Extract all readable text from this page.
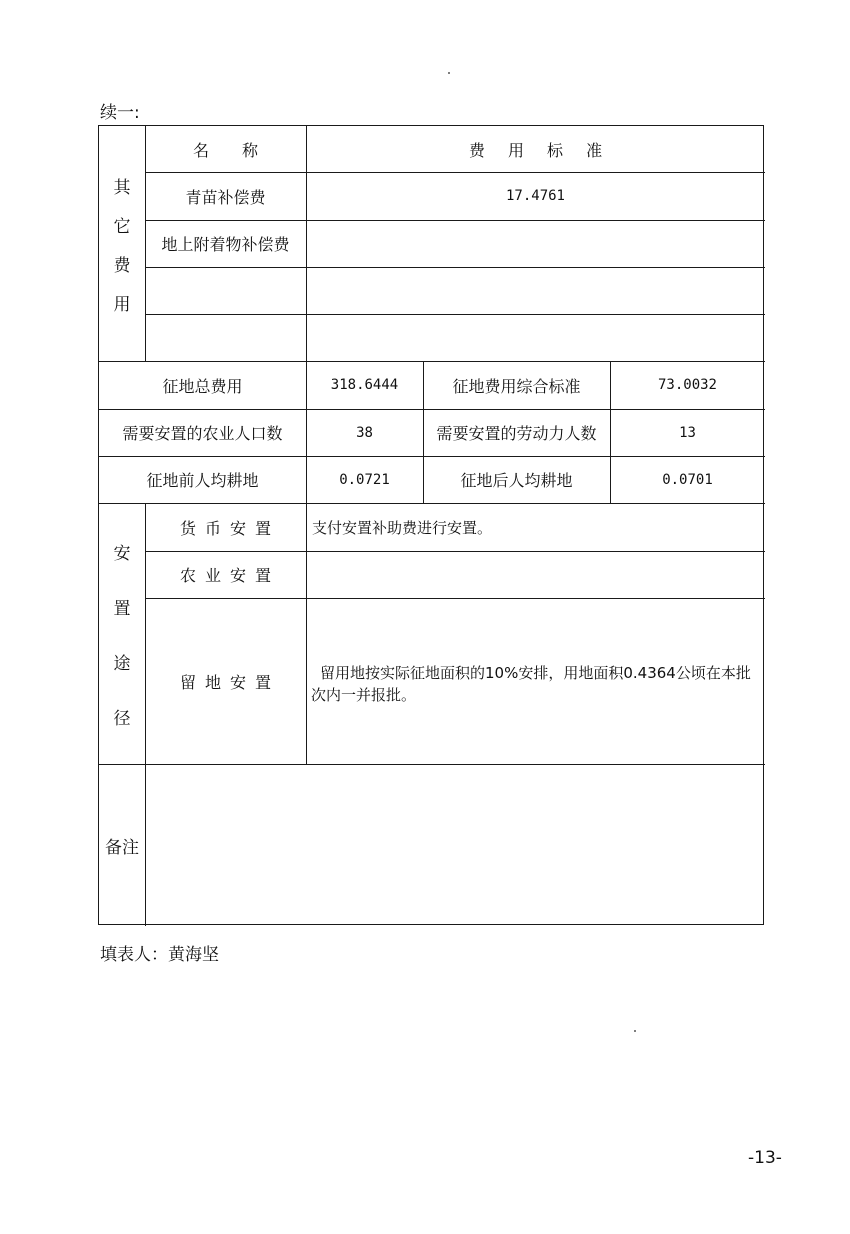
续一:
其
它
费
用
名 称	费 用 标 准
青苗补偿费	17.4761
地上附着物补偿费
征地总费用	318.6444	征地费用综合标准	73.0032
需要安置的农业人口数	38	需要安置的劳动力人数	13
征地前人均耕地	0.0721	征地后人均耕地	0.0701
安
置
途
径
货币安置	支付安置补助费进行安置。
农业安置
留地安置	留用地按实际征地面积的10%安排，用地面积0.4364公顷在本批次内一并报批。
备注
填表人：黄海坚
-13-
